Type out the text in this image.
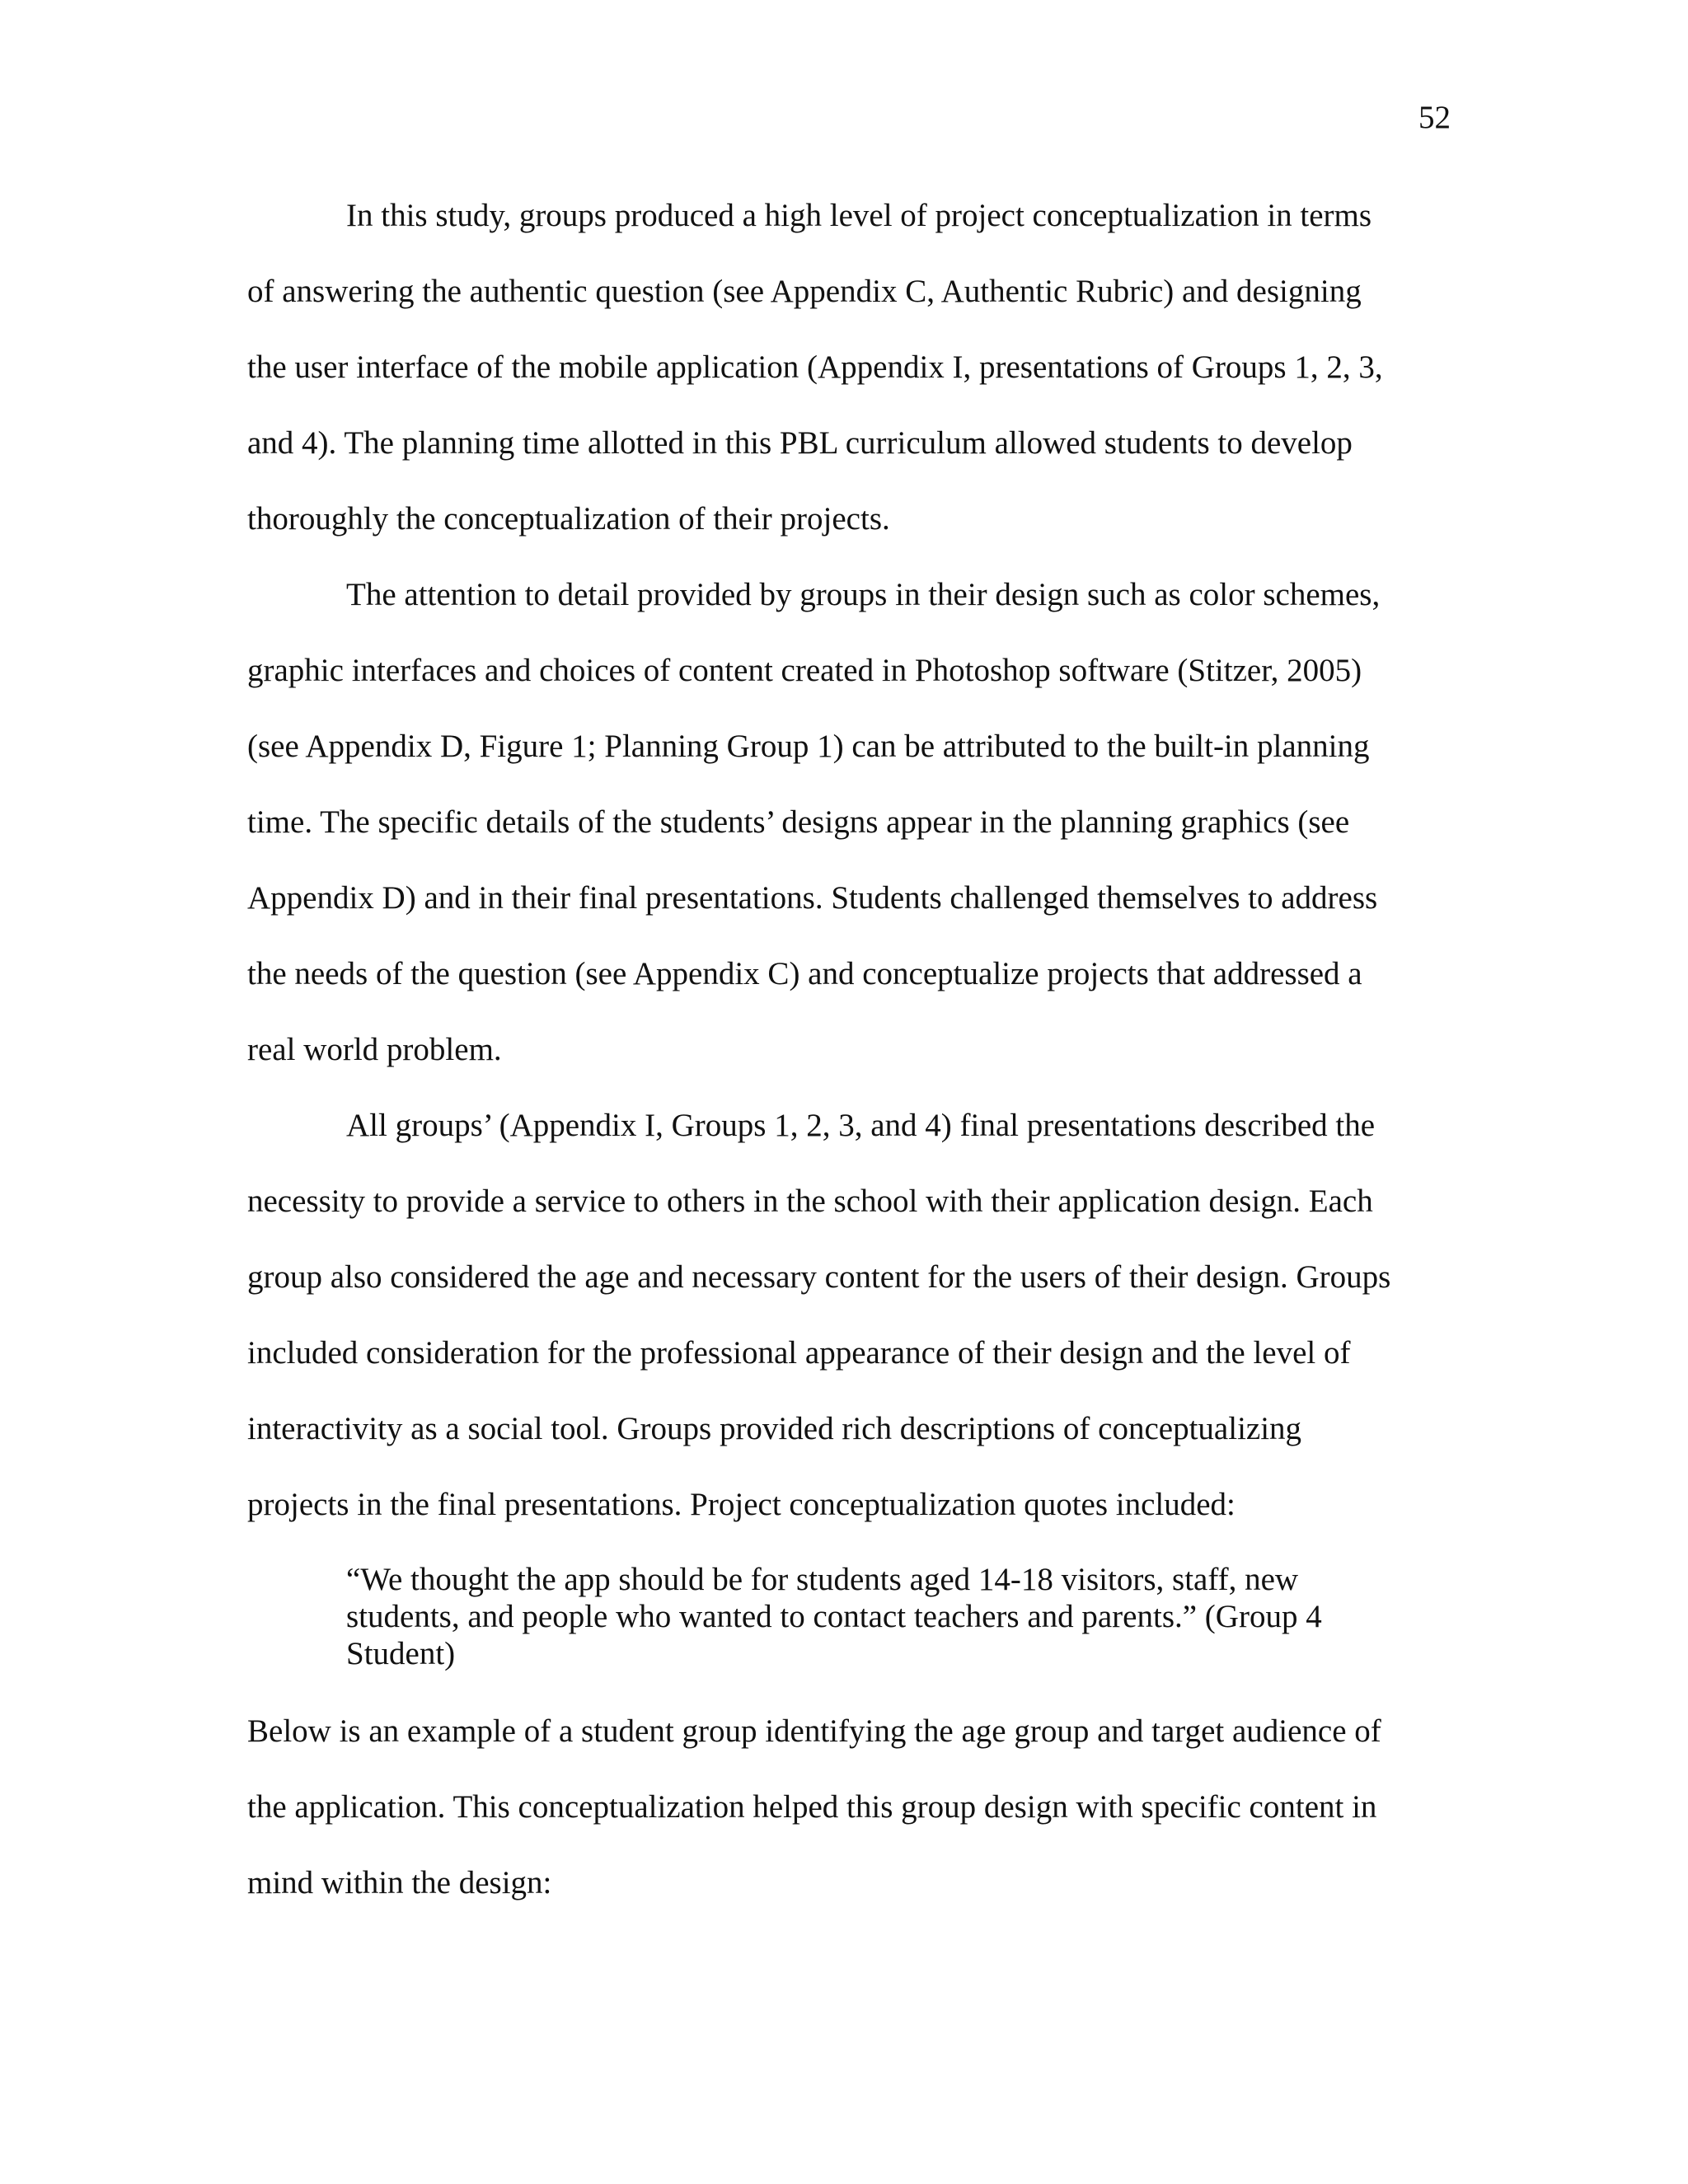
52
In this study, groups produced a high level of project conceptualization in terms
of answering the authentic question (see Appendix C, Authentic Rubric) and designing
the user interface of the mobile application (Appendix I, presentations of Groups 1, 2, 3,
and 4). The planning time allotted in this PBL curriculum allowed students to develop
thoroughly the conceptualization of their projects.
The attention to detail provided by groups in their design such as color schemes,
graphic interfaces and choices of content created in Photoshop software (Stitzer, 2005)
(see Appendix D, Figure 1; Planning Group 1) can be attributed to the built-in planning
time. The specific details of the students’ designs appear in the planning graphics (see
Appendix D) and in their final presentations. Students challenged themselves to address
the needs of the question (see Appendix C) and conceptualize projects that addressed a
real world problem.
All groups’ (Appendix I, Groups 1, 2, 3, and 4) final presentations described the
necessity to provide a service to others in the school with their application design. Each
group also considered the age and necessary content for the users of their design. Groups
included consideration for the professional appearance of their design and the level of
interactivity as a social tool. Groups provided rich descriptions of conceptualizing
projects in the final presentations. Project conceptualization quotes included:
“We thought the app should be for students aged 14-18 visitors, staff, new
students, and people who wanted to contact teachers and parents.” (Group 4
Student)
Below is an example of a student group identifying the age group and target audience of
the application. This conceptualization helped this group design with specific content in
mind within the design:
